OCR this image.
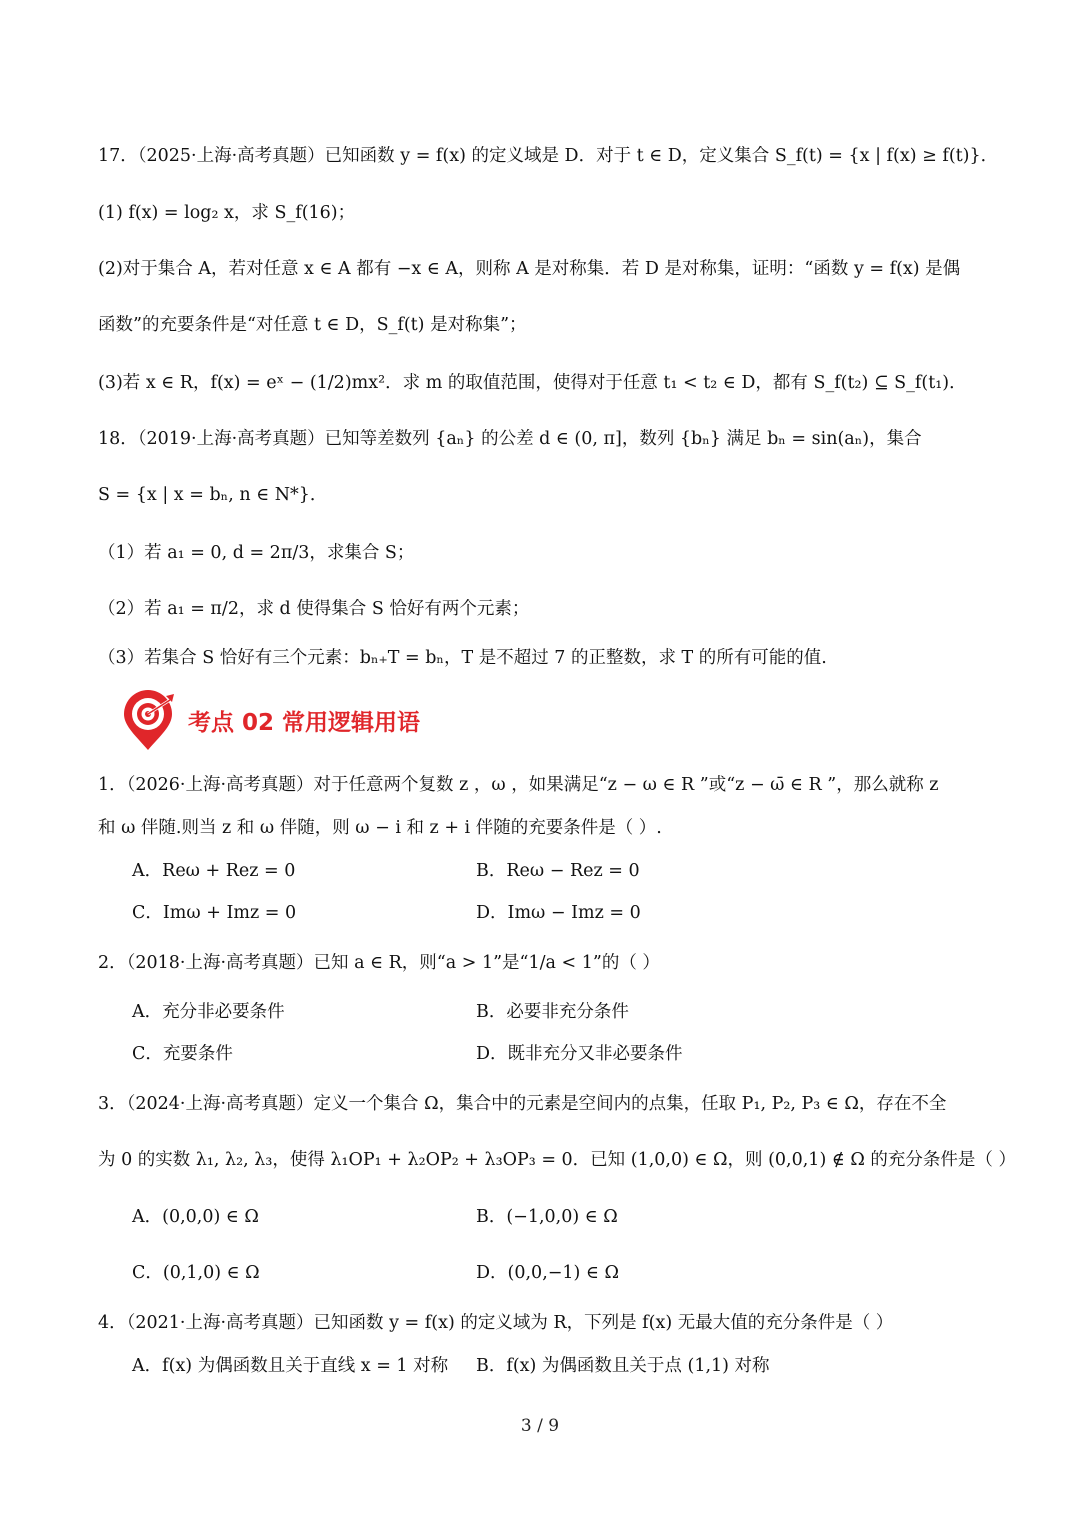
17．（2025·上海·高考真题）已知函数 y = f(x) 的定义域是 D．对于 t ∈ D，定义集合 S_f(t) = {x | f(x) ≥ f(t)}．
(1) f(x) = log₂ x，求 S_f(16)；
(2)对于集合 A，若对任意 x ∈ A 都有 −x ∈ A，则称 A 是对称集．若 D 是对称集，证明：“函数 y = f(x) 是偶
函数”的充要条件是“对任意 t ∈ D，S_f(t) 是对称集”；
(3)若 x ∈ R，f(x) = eˣ − (1/2)mx²．求 m 的取值范围，使得对于任意 t₁ < t₂ ∈ D，都有 S_f(t₂) ⊆ S_f(t₁)．
18．（2019·上海·高考真题）已知等差数列 {aₙ} 的公差 d ∈ (0, π]，数列 {bₙ} 满足 bₙ = sin(aₙ)，集合
S = {x | x = bₙ, n ∈ N*}．
（1）若 a₁ = 0, d = 2π/3，求集合 S；
（2）若 a₁ = π/2，求 d 使得集合 S 恰好有两个元素；
（3）若集合 S 恰好有三个元素：bₙ₊T = bₙ，T 是不超过 7 的正整数，求 T 的所有可能的值.
考点 02 常用逻辑用语
1．（2026·上海·高考真题）对于任意两个复数 z ，ω ，如果满足“z − ω ∈ R ”或“z − ω̄ ∈ R ”，那么就称 z
和 ω 伴随.则当 z 和 ω 伴随，则 ω − i 和 z + i 伴随的充要条件是（ ）.
A．Reω + Rez = 0	B．Reω − Rez = 0
C．Imω + Imz = 0	D．Imω − Imz = 0
2．（2018·上海·高考真题）已知 a ∈ R，则“a > 1”是“1/a < 1”的（ ）
A．充分非必要条件	B．必要非充分条件
C．充要条件	D．既非充分又非必要条件
3．（2024·上海·高考真题）定义一个集合 Ω，集合中的元素是空间内的点集，任取 P₁, P₂, P₃ ∈ Ω，存在不全
为 0 的实数 λ₁, λ₂, λ₃，使得 λ₁OP₁ + λ₂OP₂ + λ₃OP₃ = 0．已知 (1,0,0) ∈ Ω，则 (0,0,1) ∉ Ω 的充分条件是（ ）
A．(0,0,0) ∈ Ω	B．(−1,0,0) ∈ Ω
C．(0,1,0) ∈ Ω	D．(0,0,−1) ∈ Ω
4．（2021·上海·高考真题）已知函数 y = f(x) 的定义域为 R，下列是 f(x) 无最大值的充分条件是（ ）
A．f(x) 为偶函数且关于直线 x = 1 对称 B．f(x) 为偶函数且关于点 (1,1) 对称
3 / 9
